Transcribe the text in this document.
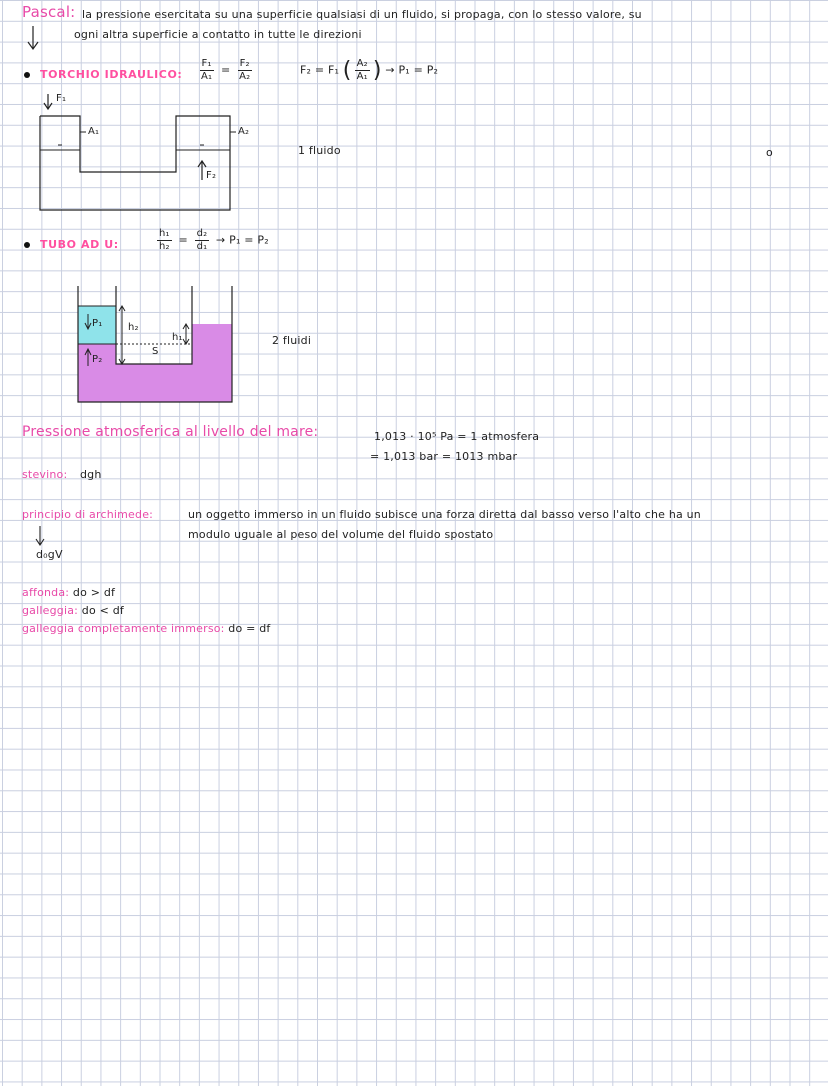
Pascal: la pressione esercitata su una superficie qualsiasi di un fluido, si propaga, con lo stesso valore, su
ogni altra superficie a contatto in tutte le direzioni
TORCHIO IDRAULICO: $\frac{\text{F₁}}{\text{A₁}} = \frac{\text{F₂}}{\text{A₂}}$	F₂ = F₁ ( $\frac{\text{A₂}}{\text{A₁}}$ ) → P₁ = P₂
F₁
A₁	A₂
F₂
1 fluido	o
TUBO AD U:	$\frac{\text{h₁}}{\text{h₂}} = \frac{\text{d₂}}{\text{d₁}} \to P_1 = P_2$
P₁
P₂
h₂
h₁
S
2 fluidi
Pressione atmosferica al livello del mare:	1,013 · 10⁵ Pa = 1 atmosfera
= 1,013 bar = 1013 mbar
stevino: dgh
principio di archimede:	un oggetto immerso in un fluido subisce una forza diretta dal basso verso l'alto che ha un
modulo uguale al peso del volume del fluido spostato
d₀gV
affonda: do > df
galleggia: do < df
galleggia completamente immerso: do = df
